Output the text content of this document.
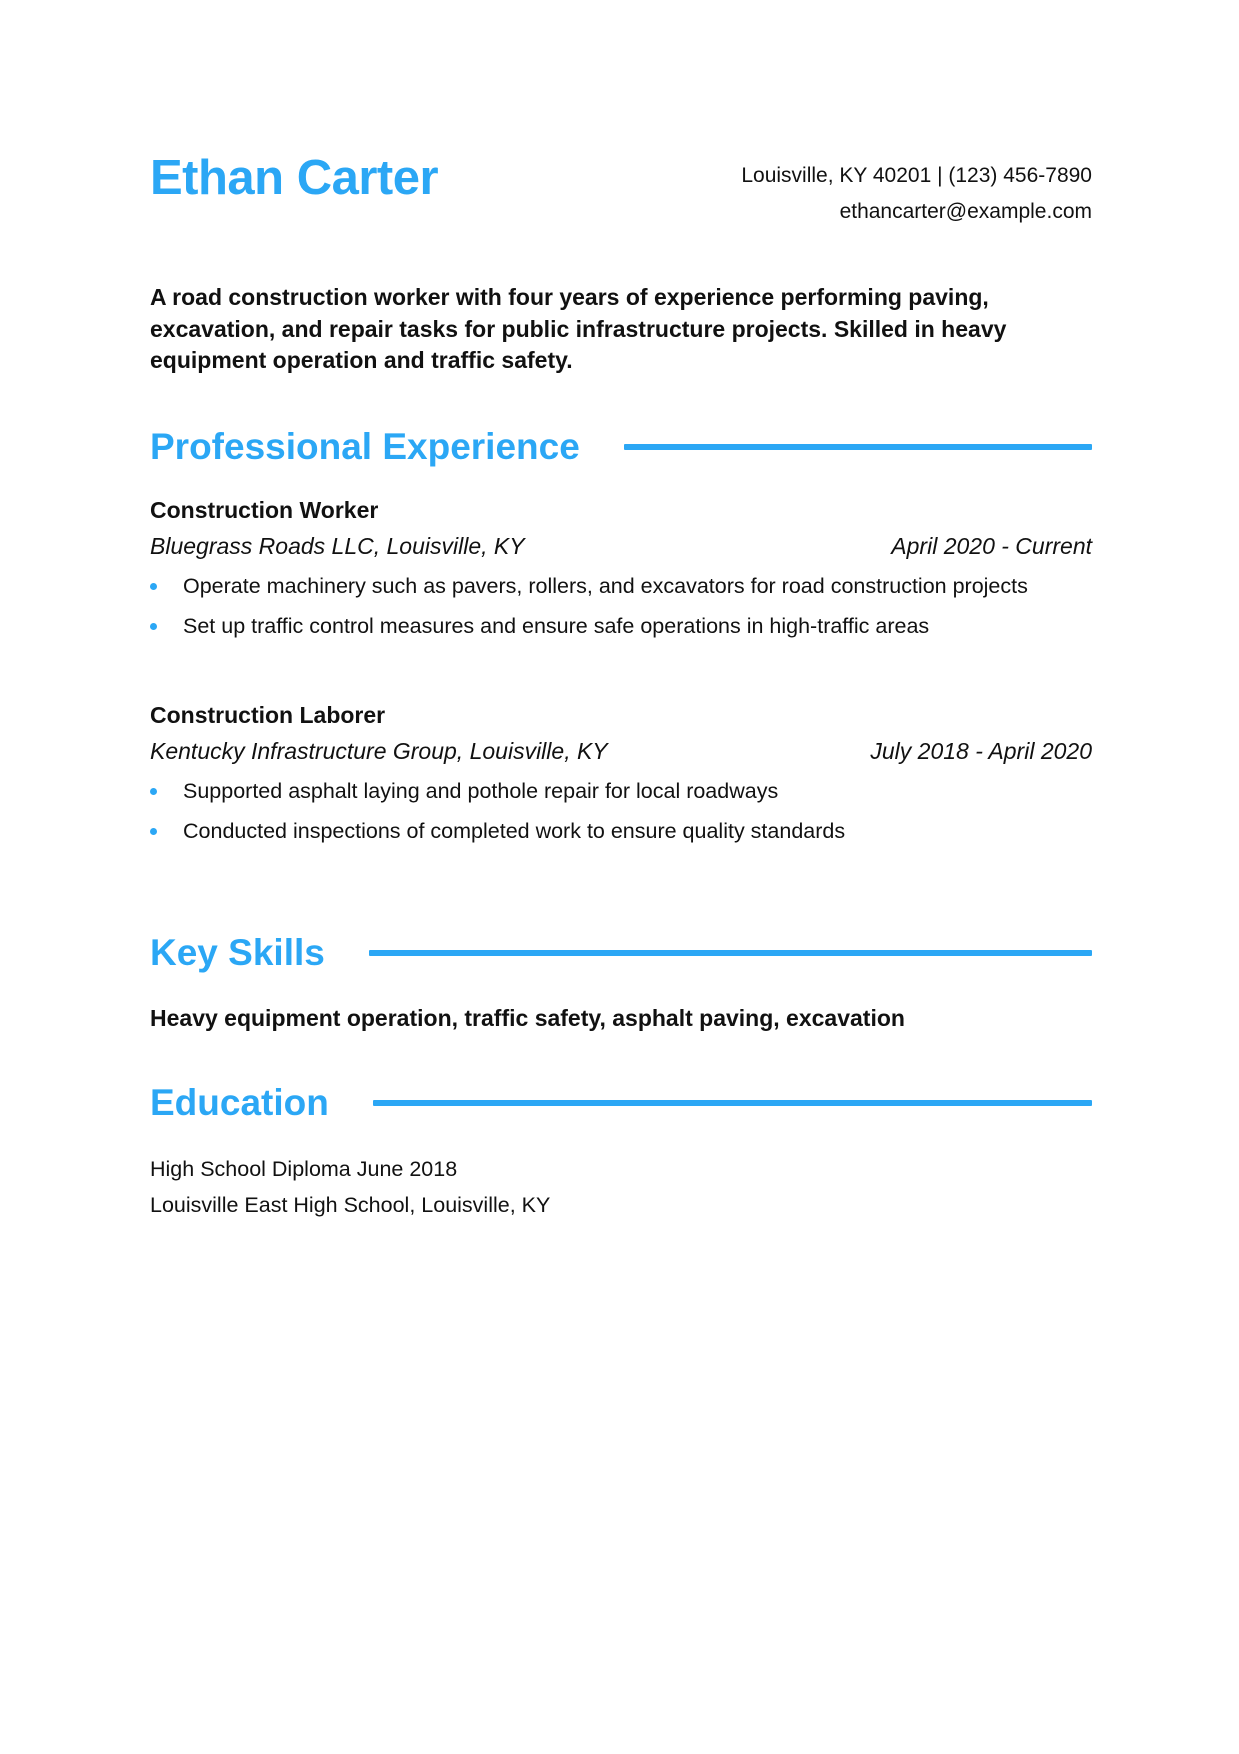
Ethan Carter	Louisville, KY 40201 | (123) 456-7890
ethancarter@example.com

A road construction worker with four years of experience performing paving, excavation, and repair tasks for public infrastructure projects. Skilled in heavy equipment operation and traffic safety.

Professional Experience
Construction Worker
Bluegrass Roads LLC, Louisville, KY	April 2020 - Current
Operate machinery such as pavers, rollers, and excavators for road construction projects
Set up traffic control measures and ensure safe operations in high-traffic areas
Construction Laborer
Kentucky Infrastructure Group, Louisville, KY	July 2018 - April 2020
Supported asphalt laying and pothole repair for local roadways
Conducted inspections of completed work to ensure quality standards
Key Skills

Heavy equipment operation, traffic safety, asphalt paving, excavation

Education
High School Diploma June 2018
Louisville East High School, Louisville, KY
